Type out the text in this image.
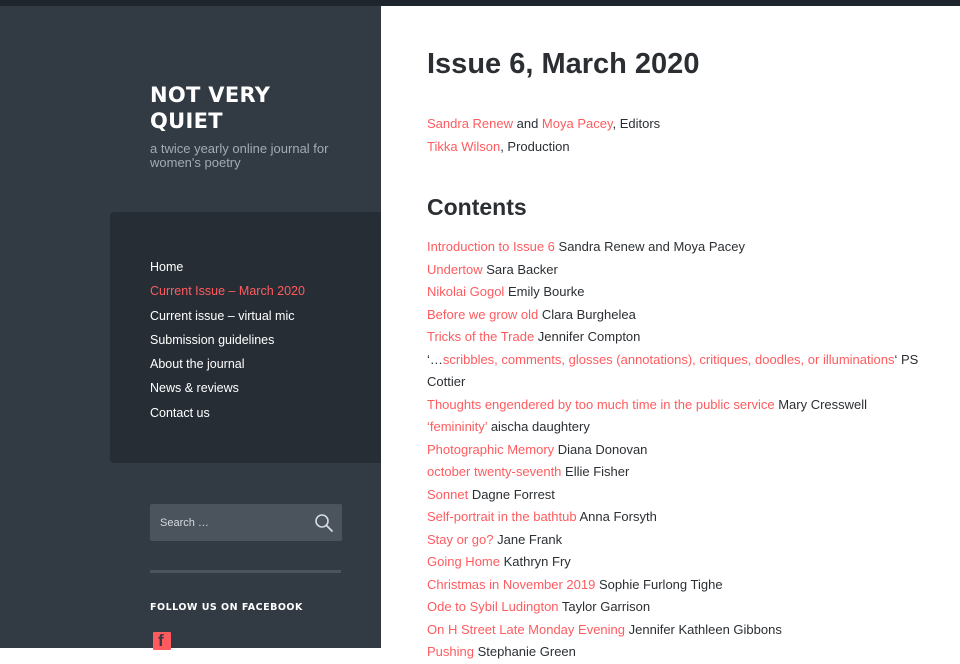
NOT VERY QUIET
a twice yearly online journal for women's poetry
Home
Current Issue – March 2020
Current issue – virtual mic
Submission guidelines
About the journal
News & reviews
Contact us
Search …
FOLLOW US ON FACEBOOK
f
Issue 6, March 2020
Sandra Renew and Moya Pacey, Editors
Tikka Wilson, Production
Contents
Introduction to Issue 6 Sandra Renew and Moya Pacey
Undertow Sara Backer
Nikolai Gogol Emily Bourke
Before we grow old Clara Burghelea
Tricks of the Trade Jennifer Compton
‘…scribbles, comments, glosses (annotations), critiques, doodles, or illuminations‘ PS Cottier
Thoughts engendered by too much time in the public service Mary Cresswell
‘femininity’ aischa daughtery
Photographic Memory Diana Donovan
october twenty-seventh Ellie Fisher
Sonnet Dagne Forrest
Self-portrait in the bathtub Anna Forsyth
Stay or go? Jane Frank
Going Home Kathryn Fry
Christmas in November 2019 Sophie Furlong Tighe
Ode to Sybil Ludington Taylor Garrison
On H Street Late Monday Evening Jennifer Kathleen Gibbons
Pushing Stephanie Green
